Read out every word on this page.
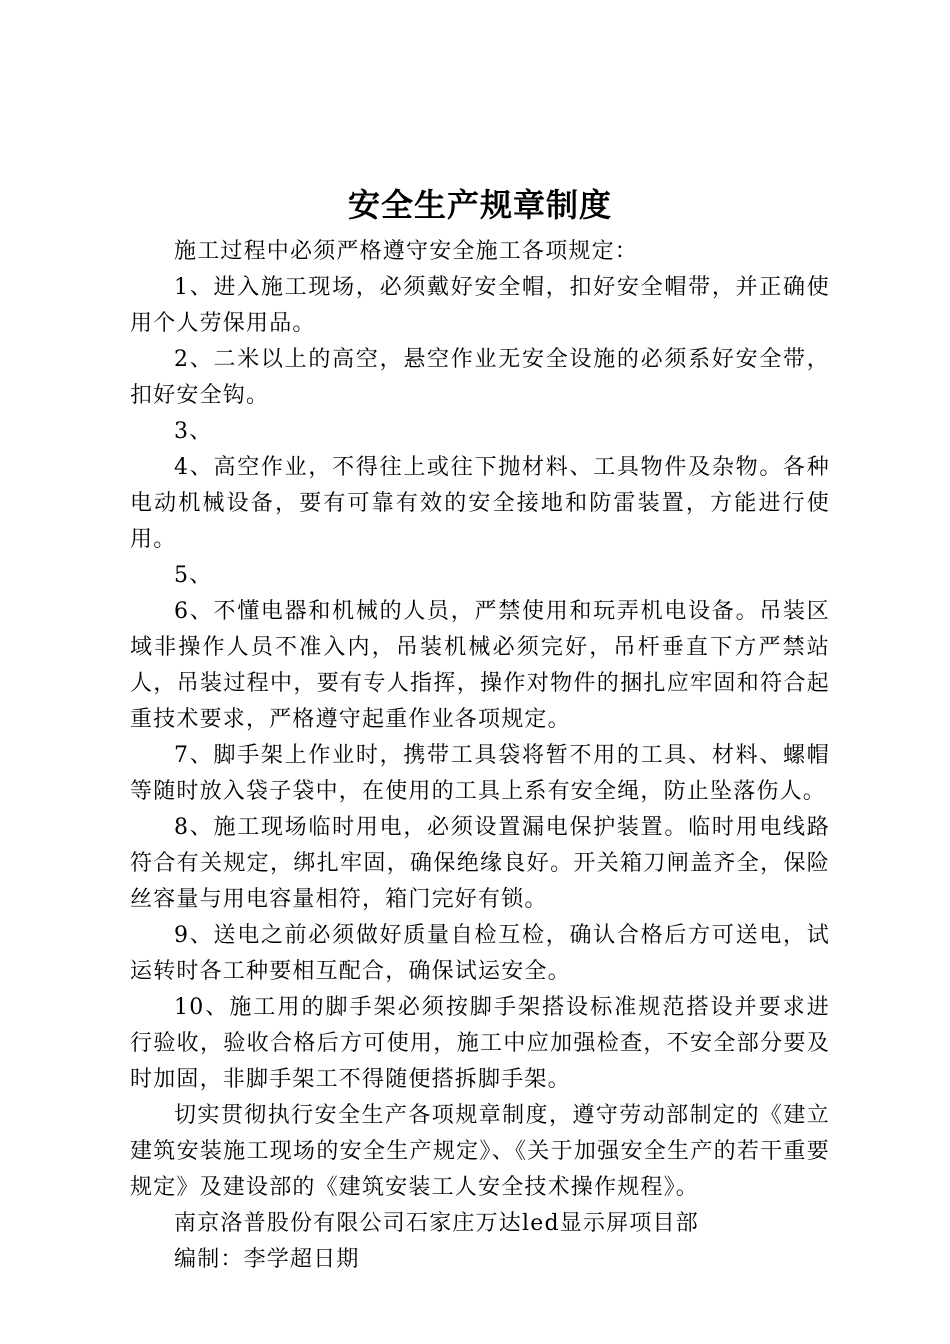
安全生产规章制度

施工过程中必须严格遵守安全施工各项规定：

1、进入施工现场，必须戴好安全帽，扣好安全帽带，并正确使用个人劳保用品。

2、二米以上的高空，悬空作业无安全设施的必须系好安全带，扣好安全钩。

3、

4、高空作业，不得往上或往下抛材料、工具物件及杂物。各种电动机械设备，要有可靠有效的安全接地和防雷装置，方能进行使用。

5、

6、不懂电器和机械的人员，严禁使用和玩弄机电设备。吊装区域非操作人员不准入内，吊装机械必须完好，吊杆垂直下方严禁站人，吊装过程中，要有专人指挥，操作对物件的捆扎应牢固和符合起重技术要求，严格遵守起重作业各项规定。

7、脚手架上作业时，携带工具袋将暂不用的工具、材料、螺帽等随时放入袋子袋中，在使用的工具上系有安全绳，防止坠落伤人。

8、施工现场临时用电，必须设置漏电保护装置。临时用电线路符合有关规定，绑扎牢固，确保绝缘良好。开关箱刀闸盖齐全，保险丝容量与用电容量相符，箱门完好有锁。

9、送电之前必须做好质量自检互检，确认合格后方可送电，试运转时各工种要相互配合，确保试运安全。

10、施工用的脚手架必须按脚手架搭设标准规范搭设并要求进行验收，验收合格后方可使用，施工中应加强检查，不安全部分要及时加固，非脚手架工不得随便搭拆脚手架。

切实贯彻执行安全生产各项规章制度，遵守劳动部制定的《建立建筑安装施工现场的安全生产规定》、《关于加强安全生产的若干重要规定》及建设部的《建筑安装工人安全技术操作规程》。

南京洛普股份有限公司石家庄万达led显示屏项目部

编制：李学超日期
